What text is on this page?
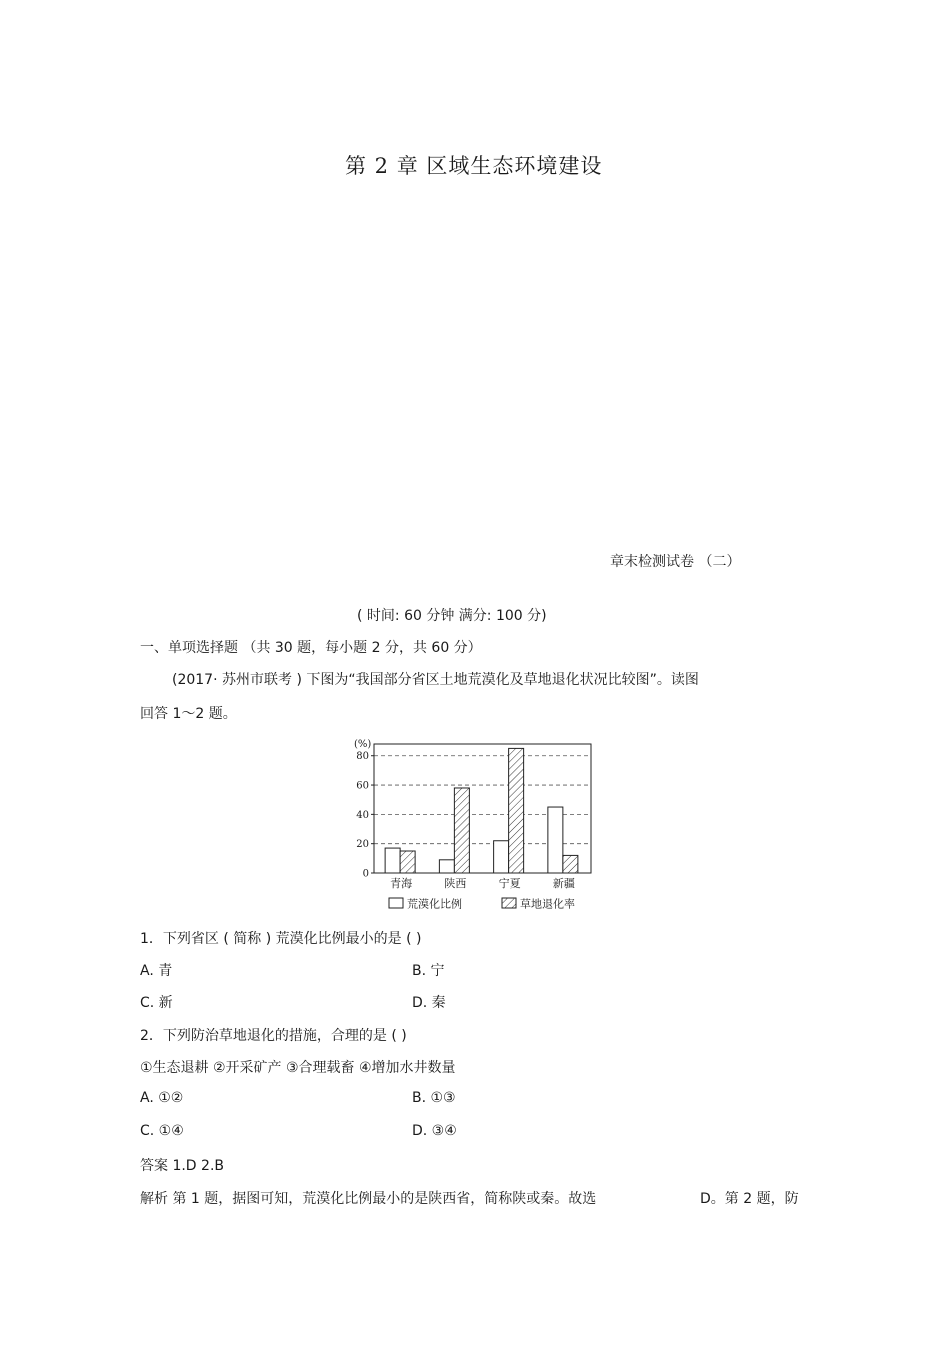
第 2 章 区域生态环境建设
章末检测试卷 （二）
( 时间: 60 分钟 满分: 100 分)
一、单项选择题 （共 30 题，每小题 2 分，共 60 分）
(2017· 苏州市联考 ) 下图为“我国部分省区土地荒漠化及草地退化状况比较图”。读图
回答 1～2 题。
(%)
0
20
40
60
80
青海	陕西	宁夏	新疆
荒漠化比例	草地退化率
1．下列省区 ( 简称 ) 荒漠化比例最小的是 ( )
A. 青	B. 宁
C. 新	D. 秦
2．下列防治草地退化的措施，合理的是 ( )
①生态退耕 ②开采矿产 ③合理载畜 ④增加水井数量
A. ①②	B. ①③
C. ①④	D. ③④
答案 1.D 2.B
解析 第 1 题，据图可知，荒漠化比例最小的是陕西省，简称陕或秦。故选	D。第 2 题，防
